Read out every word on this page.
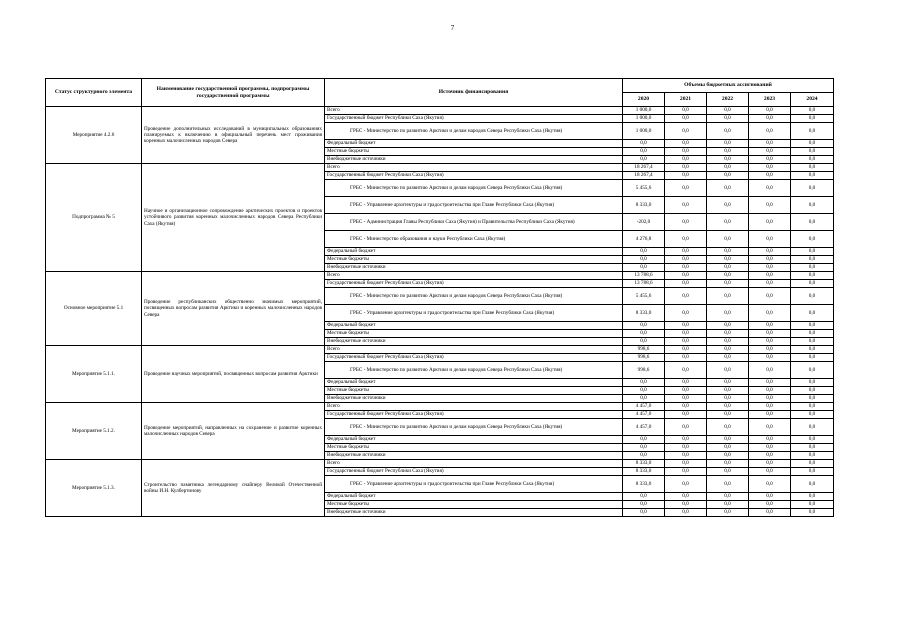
7
Статус структурного элемента	Наименование государственной программы, подпрограммы государственной программы	Источник финансирования	Объемы бюджетных ассигнований				
			2020	2021	2022	2023	2024
Мероприятие 4.2.6	Проведение дополнительных исследований в муниципальных образованиях планируемых к включению в официальный перечень мест проживания коренных малочисленных народов Севера	Всего	1 000,0	0,0	0,0	0,0	0,0
		Государственный бюджет Республики Саха (Якутия)	1 000,0	0,0	0,0	0,0	0,0
		ГРБС - Министерство по развитию Арктики и делам народов Севера Республики Саха (Якутия)	1 000,0	0,0	0,0	0,0	0,0
		Федеральный бюджет	0,0	0,0	0,0	0,0	0,0
		Местные бюджеты	0,0	0,0	0,0	0,0	0,0
		Внебюджетные источники	0,0	0,0	0,0	0,0	0,0
Подпрограмма № 5	Научное и организационное сопровождение арктических проектов и проектов устойчивого развития коренных малочисленных народов Севера Республики Саха (Якутия)	Всего	18 267,4	0,0	0,0	0,0	0,0
		Государственный бюджет Республики Саха (Якутия)	18 267,4	0,0	0,0	0,0	0,0
		ГРБС - Министерство по развитию Арктики и делам народов Севера Республики Саха (Якутия)	5 455,6	0,0	0,0	0,0	0,0
		ГРБС - Управление архитектуры и градостроительства при Главе Республики Саха (Якутия)	8 333,0	0,0	0,0	0,0	0,0
		ГРБС - Администрация Главы Республики Саха (Якутия) и Правительства Республики Саха (Якутия)	-202,0	0,0	0,0	0,0	0,0
		ГРБС - Министерство образования и науки Республики Саха (Якутия)	4 276,8	0,0	0,0	0,0	0,0
		Федеральный бюджет	0,0	0,0	0,0	0,0	0,0
		Местные бюджеты	0,0	0,0	0,0	0,0	0,0
		Внебюджетные источники	0,0	0,0	0,0	0,0	0,0
Основное мероприятие 5.1	Проведение республиканских общественно значимых мероприятий, посвященных вопросам развития Арктики и коренных малочисленных народов Севера	Всего	13 788,6	0,0	0,0	0,0	0,0
		Государственный бюджет Республики Саха (Якутия)	13 788,6	0,0	0,0	0,0	0,0
		ГРБС - Министерство по развитию Арктики и делам народов Севера Республики Саха (Якутия)	5 455,6	0,0	0,0	0,0	0,0
		ГРБС - Управление архитектуры и градостроительства при Главе Республики Саха (Якутия)	8 333,0	0,0	0,0	0,0	0,0
		Федеральный бюджет	0,0	0,0	0,0	0,0	0,0
		Местные бюджеты	0,0	0,0	0,0	0,0	0,0
		Внебюджетные источники	0,0	0,0	0,0	0,0	0,0
Мероприятие 5.1.1.	Проведение научных мероприятий, посвященных вопросам развития Арктики	Всего	998,6	0,0	0,0	0,0	0,0
		Государственный бюджет Республики Саха (Якутия)	998,6	0,0	0,0	0,0	0,0
		ГРБС - Министерство по развитию Арктики и делам народов Севера Республики Саха (Якутия)	998,6	0,0	0,0	0,0	0,0
		Федеральный бюджет	0,0	0,0	0,0	0,0	0,0
		Местные бюджеты	0,0	0,0	0,0	0,0	0,0
		Внебюджетные источники	0,0	0,0	0,0	0,0	0,0
Мероприятие 5.1.2.	Проведение мероприятий, направленных на сохранение и развитие коренных малочисленных народов Севера	Всего	4 457,0	0,0	0,0	0,0	0,0
		Государственный бюджет Республики Саха (Якутия)	4 457,0	0,0	0,0	0,0	0,0
		ГРБС - Министерство по развитию Арктики и делам народов Севера Республики Саха (Якутия)	4 457,0	0,0	0,0	0,0	0,0
		Федеральный бюджет	0,0	0,0	0,0	0,0	0,0
		Местные бюджеты	0,0	0,0	0,0	0,0	0,0
		Внебюджетные источники	0,0	0,0	0,0	0,0	0,0
Мероприятие 5.1.3.	Строительство памятника легендарному снайперу Великой Отечественной войны И.Н. Кулбертинову	Всего	8 333,0	0,0	0,0	0,0	0,0
		Государственный бюджет Республики Саха (Якутия)	8 333,0	0,0	0,0	0,0	0,0
		ГРБС - Управление архитектуры и градостроительства при Главе Республики Саха (Якутия)	8 333,0	0,0	0,0	0,0	0,0
		Федеральный бюджет	0,0	0,0	0,0	0,0	0,0
		Местные бюджеты	0,0	0,0	0,0	0,0	0,0
		Внебюджетные источники	0,0	0,0	0,0	0,0	0,0
